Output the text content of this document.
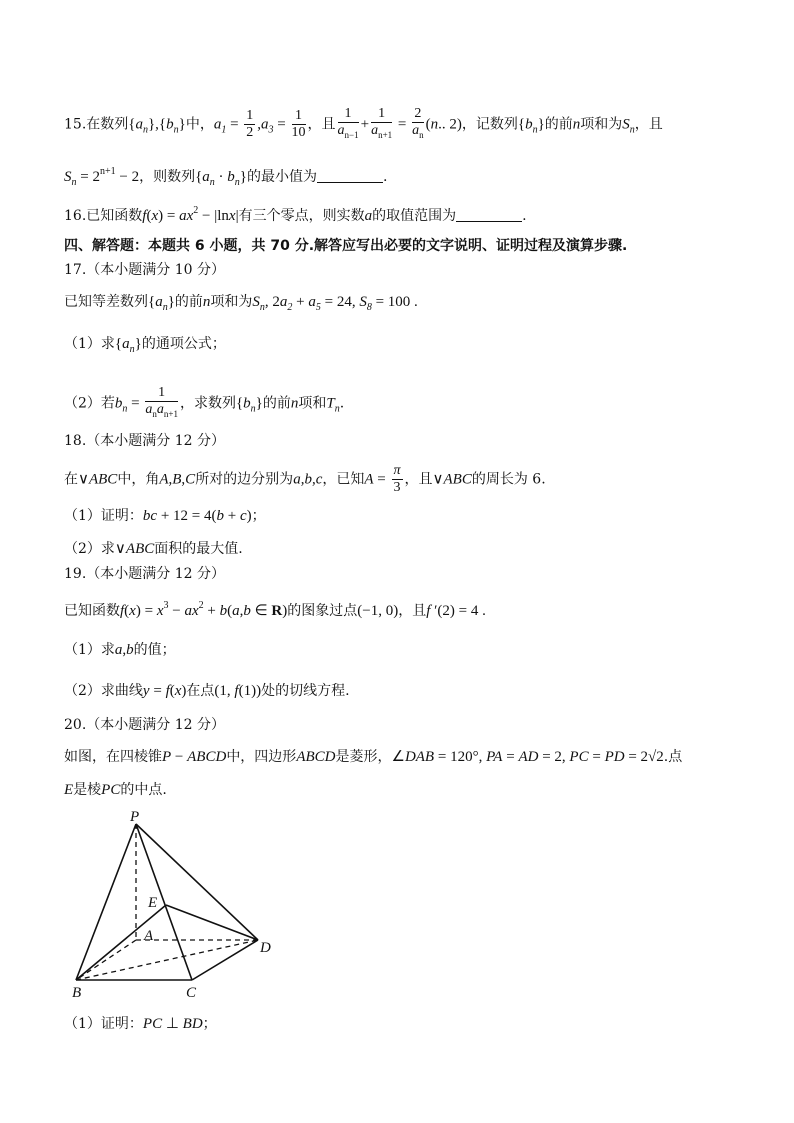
15.在数列$\{a_n\},\{b_n\}$中，$a_1 = \frac{1}{2} ,a_3 = \frac{1}{10}$ ，且 $\frac{1}{a_{n-1}} + \frac{1}{a_{n+1}} = \frac{2}{a_n} (n$.. 2)，记数列$\{b_n\}$的前n项和为$S_n$，且
$S_n = 2^{n+1} - 2$，则数列$\{a_n \cdot b_n\}$的最小值为	.
16.已知函数$f(x) = ax^2 - |\ln x|$有三个零点，则实数a的取值范围为	.
四、解答题：本题共 6 小题，共 70 分.解答应写出必要的文字说明、证明过程及演算步骤.
17.（本小题满分 10 分）
已知等差数列$\{a_n\}$的前n项和为$S_n$, $2a_2 + a_5 = 24$, $S_8 = 100$ .
（1）求$\{a_n\}$的通项公式；
（2）若$b_n = \frac{1}{a_na_{n+1}}$ ，求数列$\{b_n\}$的前n项和$T_n$.
18.（本小题满分 12 分）
在∨ABC中，角A,B,C所对的边分别为a,b,c，已知$A = \frac{\pi}{3}$ ，且∨ABC的周长为 6.
（1）证明：bc + 12 = 4(b + c)；
（2）求∨ABC面积的最大值.
19.（本小题满分 12 分）
已知函数$f(x) = x^3 - ax^2 + b(a,b$ ∈ R)的图象过点(−1, 0)，且f ′(2) = 4 .
（1）求a,b的值；
（2）求曲线y = f(x)在点(1, f(1))处的切线方程.
20.（本小题满分 12 分）
如图，在四棱锥P − ABCD中，四边形ABCD是菱形，∠DAB = 120°, PA = AD = 2, PC = PD = 2√2.点
E是棱PC的中点.
P
E
A
D
B	C
（1）证明：PC ⊥ BD；
